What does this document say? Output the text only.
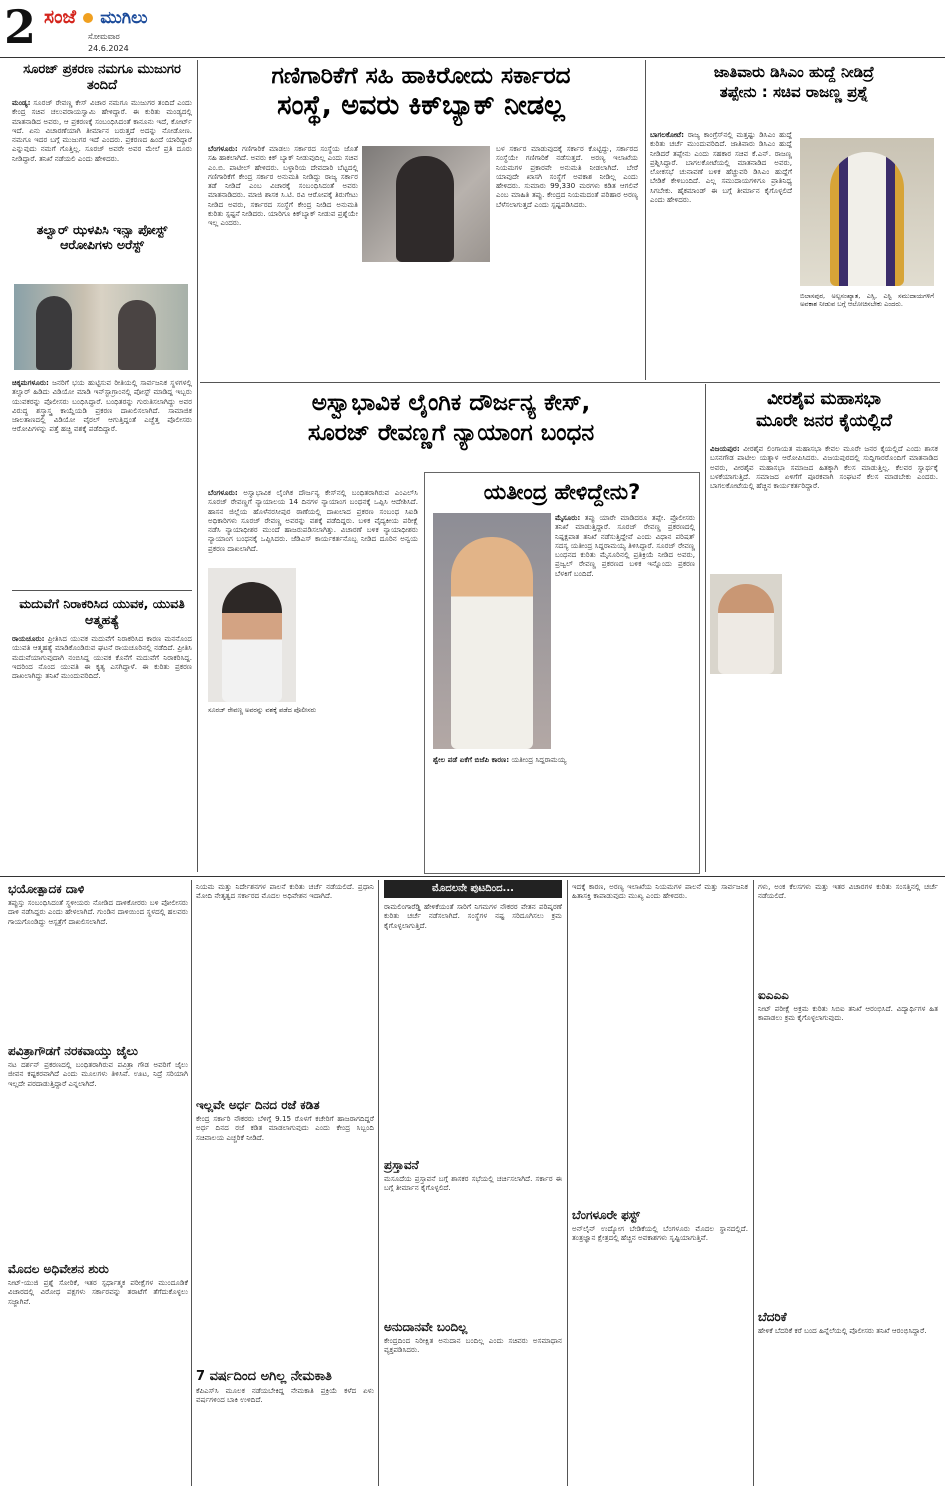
2 ಸಂಜೆ ಮುಗಿಲು
ಸೋಮವಾರ
24.6.2024
ಸೂರಜ್ ಪ್ರಕರಣ ನಮಗೂ ಮುಜುಗರ ತಂದಿದೆ
ಮಂಡ್ಯ: ಸೂರಜ್ ರೇವಣ್ಣ ಕೇಸ್ ವಿಚಾರ ನಮಗೂ ಮುಜುಗರ ತಂದಿದೆ ಎಂದು ಕೇಂದ್ರ ಸಚಿವ ಚಲುವರಾಯಸ್ವಾಮಿ ಹೇಳಿದ್ದಾರೆ. ಈ ಕುರಿತು ಮಂಡ್ಯದಲ್ಲಿ ಮಾತನಾಡಿದ ಅವರು, ಆ ಪ್ರಕರಣಕ್ಕೆ ಸಂಬಂಧಿಸಿದಂತೆ ಕಾನೂನು ಇದೆ, ಕೋರ್ಟ್ ಇದೆ. ಏನು ವಿಚಾರಣೆಯಾಗಿ ತೀರ್ಮಾನ ಬರುತ್ತದೆ ಅದನ್ನು ನೋಡೋಣ. ನಮಗೂ ಇದರ ಬಗ್ಗೆ ಮುಜುಗರ ಇದೆ ಎಂದರು. ಪ್ರಕರಣದ ಹಿಂದೆ ಯಾರಿದ್ದಾರೆ ಎನ್ನುವುದು ನಮಗೆ ಗೊತ್ತಿಲ್ಲ. ಸೂರಜ್ ಅವರೇ ಅವರ ಮೇಲೆ ಪ್ರತಿ ದೂರು ನೀಡಿದ್ದಾರೆ. ತನಿಖೆ ನಡೆಯಲಿ ಎಂದು ಹೇಳಿದರು.
ತಲ್ವಾರ್ ಝಳಪಿಸಿ ಇನ್ಸಾ ಪೋಸ್ಟ್ ಆರೋಪಿಗಳು ಅರೆಸ್ಟ್
ಚಿಕ್ಕಮಗಳೂರು: ಜನರಿಗೆ ಭಯ ಹುಟ್ಟಿಸುವ ರೀತಿಯಲ್ಲಿ ಸಾರ್ವಜನಿಕ ಸ್ಥಳಗಳಲ್ಲಿ ತಲ್ವಾರ್ ಹಿಡಿದು ವಿಡಿಯೋ ಮಾಡಿ ಇನ್‌ಸ್ಟಾಗ್ರಾಂನಲ್ಲಿ ಪೋಸ್ಟ್ ಮಾಡಿದ್ದ ಇಬ್ಬರು ಯುವಕರನ್ನು ಪೊಲೀಸರು ಬಂಧಿಸಿದ್ದಾರೆ. ಬಂಧಿತರನ್ನು ಗುರುತಿಸಲಾಗಿದ್ದು ಅವರ ವಿರುದ್ಧ ಶಸ್ತ್ರಾಸ್ತ್ರ ಕಾಯ್ದೆಯಡಿ ಪ್ರಕರಣ ದಾಖಲಿಸಲಾಗಿದೆ. ಸಾಮಾಜಿಕ ಜಾಲತಾಣದಲ್ಲಿ ವಿಡಿಯೋ ವೈರಲ್ ಆಗುತ್ತಿದ್ದಂತೆ ಎಚ್ಚೆತ್ತ ಪೊಲೀಸರು ಆರೋಪಿಗಳನ್ನು ಪತ್ತೆ ಹಚ್ಚಿ ವಶಕ್ಕೆ ಪಡೆದಿದ್ದಾರೆ.
ಮದುವೆಗೆ ನಿರಾಕರಿಸಿದ ಯುವಕ, ಯುವತಿ ಆತ್ಮಹತ್ಯೆ
ರಾಯಚೂರು: ಪ್ರೀತಿಸಿದ ಯುವಕ ಮದುವೆಗೆ ನಿರಾಕರಿಸಿದ ಕಾರಣ ಮನನೊಂದ ಯುವತಿ ಆತ್ಮಹತ್ಯೆ ಮಾಡಿಕೊಂಡಿರುವ ಘಟನೆ ರಾಯಚೂರಿನಲ್ಲಿ ನಡೆದಿದೆ. ಪ್ರೀತಿಸಿ ಮದುವೆಯಾಗುವುದಾಗಿ ನಂಬಿಸಿದ್ದ ಯುವಕ ಕೊನೆಗೆ ಮದುವೆಗೆ ನಿರಾಕರಿಸಿದ್ದ. ಇದರಿಂದ ನೊಂದ ಯುವತಿ ಈ ಕೃತ್ಯ ಎಸಗಿದ್ದಾಳೆ. ಈ ಕುರಿತು ಪ್ರಕರಣ ದಾಖಲಾಗಿದ್ದು ತನಿಖೆ ಮುಂದುವರಿದಿದೆ.
ಗಣಿಗಾರಿಕೆಗೆ ಸಹಿ ಹಾಕಿರೋದು ಸರ್ಕಾರದ
ಸಂಸ್ಥೆ, ಅವರು ಕಿಕ್‌ಬ್ಯಾಕ್ ನೀಡಲ್ಲ
ಬೆಂಗಳೂರು: ಗಣಿಗಾರಿಕೆ ಮಾಡಲು ಸರ್ಕಾರದ ಸಂಸ್ಥೆಯ ಜೊತೆ ಸಹಿ ಹಾಕಲಾಗಿದೆ. ಅವರು ಕಿಕ್ ಬ್ಯಾಕ್ ನೀಡುವುದಿಲ್ಲ ಎಂದು ಸಚಿವ ಎಂ.ಬಿ. ಪಾಟೀಲ್ ಹೇಳಿದರು. ಬಳ್ಳಾರಿಯ ದೇವದಾರಿ ಬೆಟ್ಟದಲ್ಲಿ ಗಣಿಗಾರಿಕೆಗೆ ಕೇಂದ್ರ ಸರ್ಕಾರ ಅನುಮತಿ ನೀಡಿದ್ದು ರಾಜ್ಯ ಸರ್ಕಾರ ತಡೆ ನೀಡಿದೆ ಎಂಬ ವಿಚಾರಕ್ಕೆ ಸಂಬಂಧಿಸಿದಂತೆ ಅವರು ಮಾತನಾಡಿದರು. ಮಾಜಿ ಶಾಸಕ ಸಿ.ಟಿ. ರವಿ ಆರೋಪಕ್ಕೆ ತಿರುಗೇಟು ನೀಡಿದ ಅವರು, ಸರ್ಕಾರದ ಸಂಸ್ಥೆಗೆ ಕೇಂದ್ರ ನೀಡಿದ ಅನುಮತಿ ಕುರಿತು ಸ್ಪಷ್ಟನೆ ನೀಡಿದರು. ಯಾರಿಗೂ ಕಿಕ್‌ಬ್ಯಾಕ್ ನೀಡುವ ಪ್ರಶ್ನೆಯೇ ಇಲ್ಲ ಎಂದರು.
ಬಳ ಸರ್ಕಾರ ಮಾಡುವುದಕ್ಕೆ ಸರ್ಕಾರ ಕೊಟ್ಟಿದ್ದು, ಸರ್ಕಾರದ ಸಂಸ್ಥೆಯೇ ಗಣಿಗಾರಿಕೆ ನಡೆಸುತ್ತದೆ. ಅರಣ್ಯ ಇಲಾಖೆಯ ನಿಯಮಗಳ ಪ್ರಕಾರವೇ ಅನುಮತಿ ನೀಡಲಾಗಿದೆ. ಬೇರೆ ಯಾವುದೇ ಖಾಸಗಿ ಸಂಸ್ಥೆಗೆ ಅವಕಾಶ ನೀಡಿಲ್ಲ ಎಂದು ಹೇಳಿದರು. ಸುಮಾರು 99,330 ಮರಗಳು ಕಡಿತ ಆಗಲಿವೆ ಎಂಬ ಮಾಹಿತಿ ತಪ್ಪು. ಕೇಂದ್ರದ ನಿಯಮದಂತೆ ಪರಿಹಾರ ಅರಣ್ಯ ಬೆಳೆಸಲಾಗುತ್ತದೆ ಎಂದು ಸ್ಪಷ್ಟಪಡಿಸಿದರು.
ಜಾತಿವಾರು ಡಿಸಿಎಂ ಹುದ್ದೆ ನೀಡಿದ್ರೆ
ತಪ್ಪೇನು : ಸಚಿವ ರಾಜಣ್ಣ ಪ್ರಶ್ನೆ
ಬಾಗಲಕೋಟೆ: ರಾಜ್ಯ ಕಾಂಗ್ರೆಸ್‌ನಲ್ಲಿ ಮತ್ತಷ್ಟು ಡಿಸಿಎಂ ಹುದ್ದೆ ಕುರಿತು ಚರ್ಚೆ ಮುಂದುವರಿದಿದೆ. ಜಾತಿವಾರು ಡಿಸಿಎಂ ಹುದ್ದೆ ನೀಡಿದರೆ ತಪ್ಪೇನು ಎಂದು ಸಹಕಾರ ಸಚಿವ ಕೆ.ಎನ್. ರಾಜಣ್ಣ ಪ್ರಶ್ನಿಸಿದ್ದಾರೆ. ಬಾಗಲಕೋಟೆಯಲ್ಲಿ ಮಾತನಾಡಿದ ಅವರು, ಲೋಕಸಭೆ ಚುನಾವಣೆ ಬಳಿಕ ಹೆಚ್ಚುವರಿ ಡಿಸಿಎಂ ಹುದ್ದೆಗೆ ಬೇಡಿಕೆ ಕೇಳಿಬಂದಿದೆ. ಎಲ್ಲ ಸಮುದಾಯಗಳಿಗೂ ಪ್ರಾತಿನಿಧ್ಯ ಸಿಗಬೇಕು. ಹೈಕಮಾಂಡ್ ಈ ಬಗ್ಗೆ ತೀರ್ಮಾನ ಕೈಗೊಳ್ಳಲಿದೆ ಎಂದು ಹೇಳಿದರು.
ಬಿಲಾಸಪುರ, ಅಲ್ಪಸಂಖ್ಯಾತ, ಎಸ್ಸಿ, ಎಸ್ಟಿ ಸಮುದಾಯಗಳಿಗೆ ಅವಕಾಶ ನೀಡುವ ಬಗ್ಗೆ ಆಲೋಚಿಸಬೇಕು ಎಂದರು.
ಅಸ್ವಾಭಾವಿಕ ಲೈಂಗಿಕ ದೌರ್ಜನ್ಯ ಕೇಸ್,
ಸೂರಜ್ ರೇವಣ್ಣಗೆ ನ್ಯಾಯಾಂಗ ಬಂಧನ
ಬೆಂಗಳೂರು: ಅಸ್ವಾಭಾವಿಕ ಲೈಂಗಿಕ ದೌರ್ಜನ್ಯ ಕೇಸ್‌ನಲ್ಲಿ ಬಂಧಿತರಾಗಿರುವ ಎಂಎಲ್‌ಸಿ ಸೂರಜ್ ರೇವಣ್ಣಗೆ ನ್ಯಾಯಾಲಯ 14 ದಿನಗಳ ನ್ಯಾಯಾಂಗ ಬಂಧನಕ್ಕೆ ಒಪ್ಪಿಸಿ ಆದೇಶಿಸಿದೆ. ಹಾಸನ ಜಿಲ್ಲೆಯ ಹೊಳೆನರಸೀಪುರ ಠಾಣೆಯಲ್ಲಿ ದಾಖಲಾದ ಪ್ರಕರಣ ಸಂಬಂಧ ಸಿಐಡಿ ಅಧಿಕಾರಿಗಳು ಸೂರಜ್ ರೇವಣ್ಣ ಅವರನ್ನು ವಶಕ್ಕೆ ಪಡೆದಿದ್ದರು. ಬಳಿಕ ವೈದ್ಯಕೀಯ ಪರೀಕ್ಷೆ ನಡೆಸಿ ನ್ಯಾಯಾಧೀಶರ ಮುಂದೆ ಹಾಜರುಪಡಿಸಲಾಗಿತ್ತು. ವಿಚಾರಣೆ ಬಳಿಕ ನ್ಯಾಯಾಧೀಶರು ನ್ಯಾಯಾಂಗ ಬಂಧನಕ್ಕೆ ಒಪ್ಪಿಸಿದರು. ಜೆಡಿಎಸ್ ಕಾರ್ಯಕರ್ತನೊಬ್ಬ ನೀಡಿದ ದೂರಿನ ಅನ್ವಯ ಪ್ರಕರಣ ದಾಖಲಾಗಿದೆ.
ಸೂರಜ್ ರೇವಣ್ಣ ಅವರನ್ನು ವಶಕ್ಕೆ ಪಡೆದ ಪೊಲೀಸರು
ಯತೀಂದ್ರ ಹೇಳಿದ್ದೇನು?
ಮೈಸೂರು: ತಪ್ಪು ಯಾರೇ ಮಾಡಿದರೂ ತಪ್ಪೇ. ಪ್ರೊಲೀಸರು ತನಿಖೆ ಮಾಡುತ್ತಿದ್ದಾರೆ. ಸೂರಜ್ ರೇವಣ್ಣ ಪ್ರಕರಣದಲ್ಲಿ ನಿಷ್ಪಕ್ಷಪಾತ ತನಿಖೆ ನಡೆಸುತ್ತಿದ್ದೇವೆ ಎಂದು ವಿಧಾನ ಪರಿಷತ್ ಸದಸ್ಯ ಯತೀಂದ್ರ ಸಿದ್ದರಾಮಯ್ಯ ತಿಳಿಸಿದ್ದಾರೆ. ಸೂರಜ್ ರೇವಣ್ಣ ಬಂಧನದ ಕುರಿತು ಮೈಸೂರಿನಲ್ಲಿ ಪ್ರತಿಕ್ರಿಯೆ ನೀಡಿದ ಅವರು, ಪ್ರಜ್ವಲ್ ರೇವಣ್ಣ ಪ್ರಕರಣದ ಬಳಿಕ ಇನ್ನೊಂದು ಪ್ರಕರಣ ಬೆಳಕಿಗೆ ಬಂದಿದೆ.
ಶ್ವೇಲ ಪಡೆ ಏಕೆಗೆ ಬಿಜೆಪಿ ಕಾರಣ: ಯತೀಂದ್ರ ಸಿದ್ದರಾಮಯ್ಯ
ವೀರಶೈವ ಮಹಾಸಭಾ
ಮೂರೇ ಜನರ ಕೈಯಲ್ಲಿದೆ
ವಿಜಯಪುರ: ವೀರಶೈವ ಲಿಂಗಾಯತ ಮಹಾಸಭಾ ಕೇವಲ ಮೂರೇ ಜನರ ಕೈಯಲ್ಲಿದೆ ಎಂದು ಶಾಸಕ ಬಸನಗೌಡ ಪಾಟೀಲ ಯತ್ನಾಳ ಆರೋಪಿಸಿದರು. ವಿಜಯಪುರದಲ್ಲಿ ಸುದ್ದಿಗಾರರೊಂದಿಗೆ ಮಾತನಾಡಿದ ಅವರು, ವೀರಶೈವ ಮಹಾಸಭಾ ಸಮಾಜದ ಹಿತಕ್ಕಾಗಿ ಕೆಲಸ ಮಾಡುತ್ತಿಲ್ಲ. ಕೆಲವರ ಸ್ವಾರ್ಥಕ್ಕೆ ಬಳಕೆಯಾಗುತ್ತಿದೆ. ಸಮಾಜದ ಏಳಿಗೆಗೆ ಪೂರಕವಾಗಿ ಸಂಘಟನೆ ಕೆಲಸ ಮಾಡಬೇಕು ಎಂದರು. ಬಾಗಲಕೋಟೆಯಲ್ಲಿ ಹೆಚ್ಚಿನ ಕಾರ್ಯಕರ್ತರಿದ್ದಾರೆ.
ಭಯೋತ್ಪಾದಕ ದಾಳಿ
ತಪ್ಪುಸ್ತು ಸಂಬಂಧಿಸಿದಂತೆ ಸ್ಥಳೀಯರು ನೋಡಿದ ದಾಳಿಕೋರರು ಬಳಿ ಪೋಲೀಸರು ದಾಳಿ ನಡೆಸಿದ್ದರು ಎಂದು ಹೇಳಲಾಗಿದೆ. ಗುಂಡಿನ ದಾಳಿಯಿಂದ ಸ್ಥಳದಲ್ಲಿ ಹಲವರು ಗಾಯಗೊಂಡಿದ್ದು ಆಸ್ಪತ್ರೆಗೆ ದಾಖಲಿಸಲಾಗಿದೆ.
ಪವಿತ್ರಾಗೌಡಗೆ ನರಕವಾಯ್ತು ಜೈಲು
ನಟ ದರ್ಶನ್ ಪ್ರಕರಣದಲ್ಲಿ ಬಂಧಿತರಾಗಿರುವ ಪವಿತ್ರಾ ಗೌಡ ಅವರಿಗೆ ಜೈಲು ಜೀವನ ಕಷ್ಟಕರವಾಗಿದೆ ಎಂದು ಮೂಲಗಳು ತಿಳಿಸಿವೆ. ಊಟ, ನಿದ್ರೆ ಸರಿಯಾಗಿ ಇಲ್ಲದೇ ಪರದಾಡುತ್ತಿದ್ದಾರೆ ಎನ್ನಲಾಗಿದೆ.
ಮೊದಲ ಅಧಿವೇಶನ ಶುರು
ನೀಟ್-ಯುಜಿ ಪ್ರಶ್ನೆ ಸೋರಿಕೆ, ಇತರ ಸ್ಪರ್ಧಾತ್ಮಕ ಪರೀಕ್ಷೆಗಳ ಮುಂದೂಡಿಕೆ ವಿಚಾರದಲ್ಲಿ ವಿರೋಧ ಪಕ್ಷಗಳು ಸರ್ಕಾರವನ್ನು ತರಾಟೆಗೆ ತೆಗೆದುಕೊಳ್ಳಲು ಸಜ್ಜಾಗಿವೆ.
ನಿಯಮ ಮತ್ತು ನಿರ್ದೇಶನಗಳ ಪಾಲನೆ ಕುರಿತು ಚರ್ಚೆ ನಡೆಯಲಿದೆ. ಪ್ರಧಾನಿ ಮೋದಿ ನೇತೃತ್ವದ ಸರ್ಕಾರದ ಮೊದಲ ಅಧಿವೇಶನ ಇದಾಗಿದೆ.
ಇಲ್ಲವೇ ಅರ್ಧ ದಿನದ ರಜೆ ಕಡಿತ
ಕೇಂದ್ರ ಸರ್ಕಾರಿ ನೌಕರರು ಬೆಳಿಗ್ಗೆ 9.15 ರೊಳಗೆ ಕಚೇರಿಗೆ ಹಾಜರಾಗದಿದ್ದರೆ ಅರ್ಧ ದಿನದ ರಜೆ ಕಡಿತ ಮಾಡಲಾಗುವುದು ಎಂದು ಕೇಂದ್ರ ಸಿಬ್ಬಂದಿ ಸಚಿವಾಲಯ ಎಚ್ಚರಿಕೆ ನೀಡಿದೆ.
7 ವರ್ಷದಿಂದ ಅಗಿಲ್ಲ ನೇಮಕಾತಿ
ಕೆಪಿಎಸ್‌ಸಿ ಮೂಲಕ ನಡೆಯಬೇಕಿದ್ದ ನೇಮಕಾತಿ ಪ್ರಕ್ರಿಯೆ ಕಳೆದ ಏಳು ವರ್ಷಗಳಿಂದ ಬಾಕಿ ಉಳಿದಿದೆ.
ಮೊದಲನೇ ಪುಟದಿಂದ...
ರಾಮಲಿಂಗಾರೆಡ್ಡಿ ಹೇಳಿಕೆಯಂತೆ ಸಾರಿಗೆ ನಿಗಮಗಳ ನೌಕರರ ವೇತನ ಪರಿಷ್ಕರಣೆ ಕುರಿತು ಚರ್ಚೆ ನಡೆಸಲಾಗಿದೆ. ಸಂಸ್ಥೆಗಳ ನಷ್ಟ ಸರಿದೂಗಿಸಲು ಕ್ರಮ ಕೈಗೊಳ್ಳಲಾಗುತ್ತಿದೆ.
ಪ್ರಸ್ತಾವನೆ
ಮಸೂದೆಯ ಪ್ರಸ್ತಾವನೆ ಬಗ್ಗೆ ಶಾಸಕರ ಸಭೆಯಲ್ಲಿ ಚರ್ಚಿಸಲಾಗಿದೆ. ಸರ್ಕಾರ ಈ ಬಗ್ಗೆ ತೀರ್ಮಾನ ಕೈಗೊಳ್ಳಲಿದೆ.
ಅನುದಾನವೇ ಬಂದಿಲ್ಲ
ಕೇಂದ್ರದಿಂದ ನಿರೀಕ್ಷಿತ ಅನುದಾನ ಬಂದಿಲ್ಲ ಎಂದು ಸಚಿವರು ಅಸಮಾಧಾನ ವ್ಯಕ್ತಪಡಿಸಿದರು.
ಇದಕ್ಕೆ ಕಾರಣ, ಅರಣ್ಯ ಇಲಾಖೆಯ ನಿಯಮಗಳ ಪಾಲನೆ ಮತ್ತು ಸಾರ್ವಜನಿಕ ಹಿತಾಸಕ್ತಿ ಕಾಪಾಡುವುದು ಮುಖ್ಯ ಎಂದು ಹೇಳಿದರು.
ಬೆಂಗಳೂರೇ ಫಸ್ಟ್
ಅನ್‌ಲೈನ್ ಉದ್ಯೋಗ ಬೇಡಿಕೆಯಲ್ಲಿ ಬೆಂಗಳೂರು ಮೊದಲ ಸ್ಥಾನದಲ್ಲಿದೆ. ತಂತ್ರಜ್ಞಾನ ಕ್ಷೇತ್ರದಲ್ಲಿ ಹೆಚ್ಚಿನ ಅವಕಾಶಗಳು ಸೃಷ್ಟಿಯಾಗುತ್ತಿವೆ.
ಗಳು, ಅಂಕ ಕೆಲಸಗಳು ಮತ್ತು ಇತರ ವಿಚಾರಗಳ ಕುರಿತು ಸಂಸತ್ತಿನಲ್ಲಿ ಚರ್ಚೆ ನಡೆಯಲಿದೆ.
ಐಎಎಎ
ನೀಟ್ ಪರೀಕ್ಷೆ ಅಕ್ರಮ ಕುರಿತು ಸಿಬಿಐ ತನಿಖೆ ಆರಂಭಿಸಿದೆ. ವಿದ್ಯಾರ್ಥಿಗಳ ಹಿತ ಕಾಪಾಡಲು ಕ್ರಮ ಕೈಗೊಳ್ಳಲಾಗುವುದು.
ಬೆದರಿಕೆ
ಹೇಳಿಕೆ ಬೆದರಿಕೆ ಕರೆ ಬಂದ ಹಿನ್ನೆಲೆಯಲ್ಲಿ ಪೊಲೀಸರು ತನಿಖೆ ಆರಂಭಿಸಿದ್ದಾರೆ.
